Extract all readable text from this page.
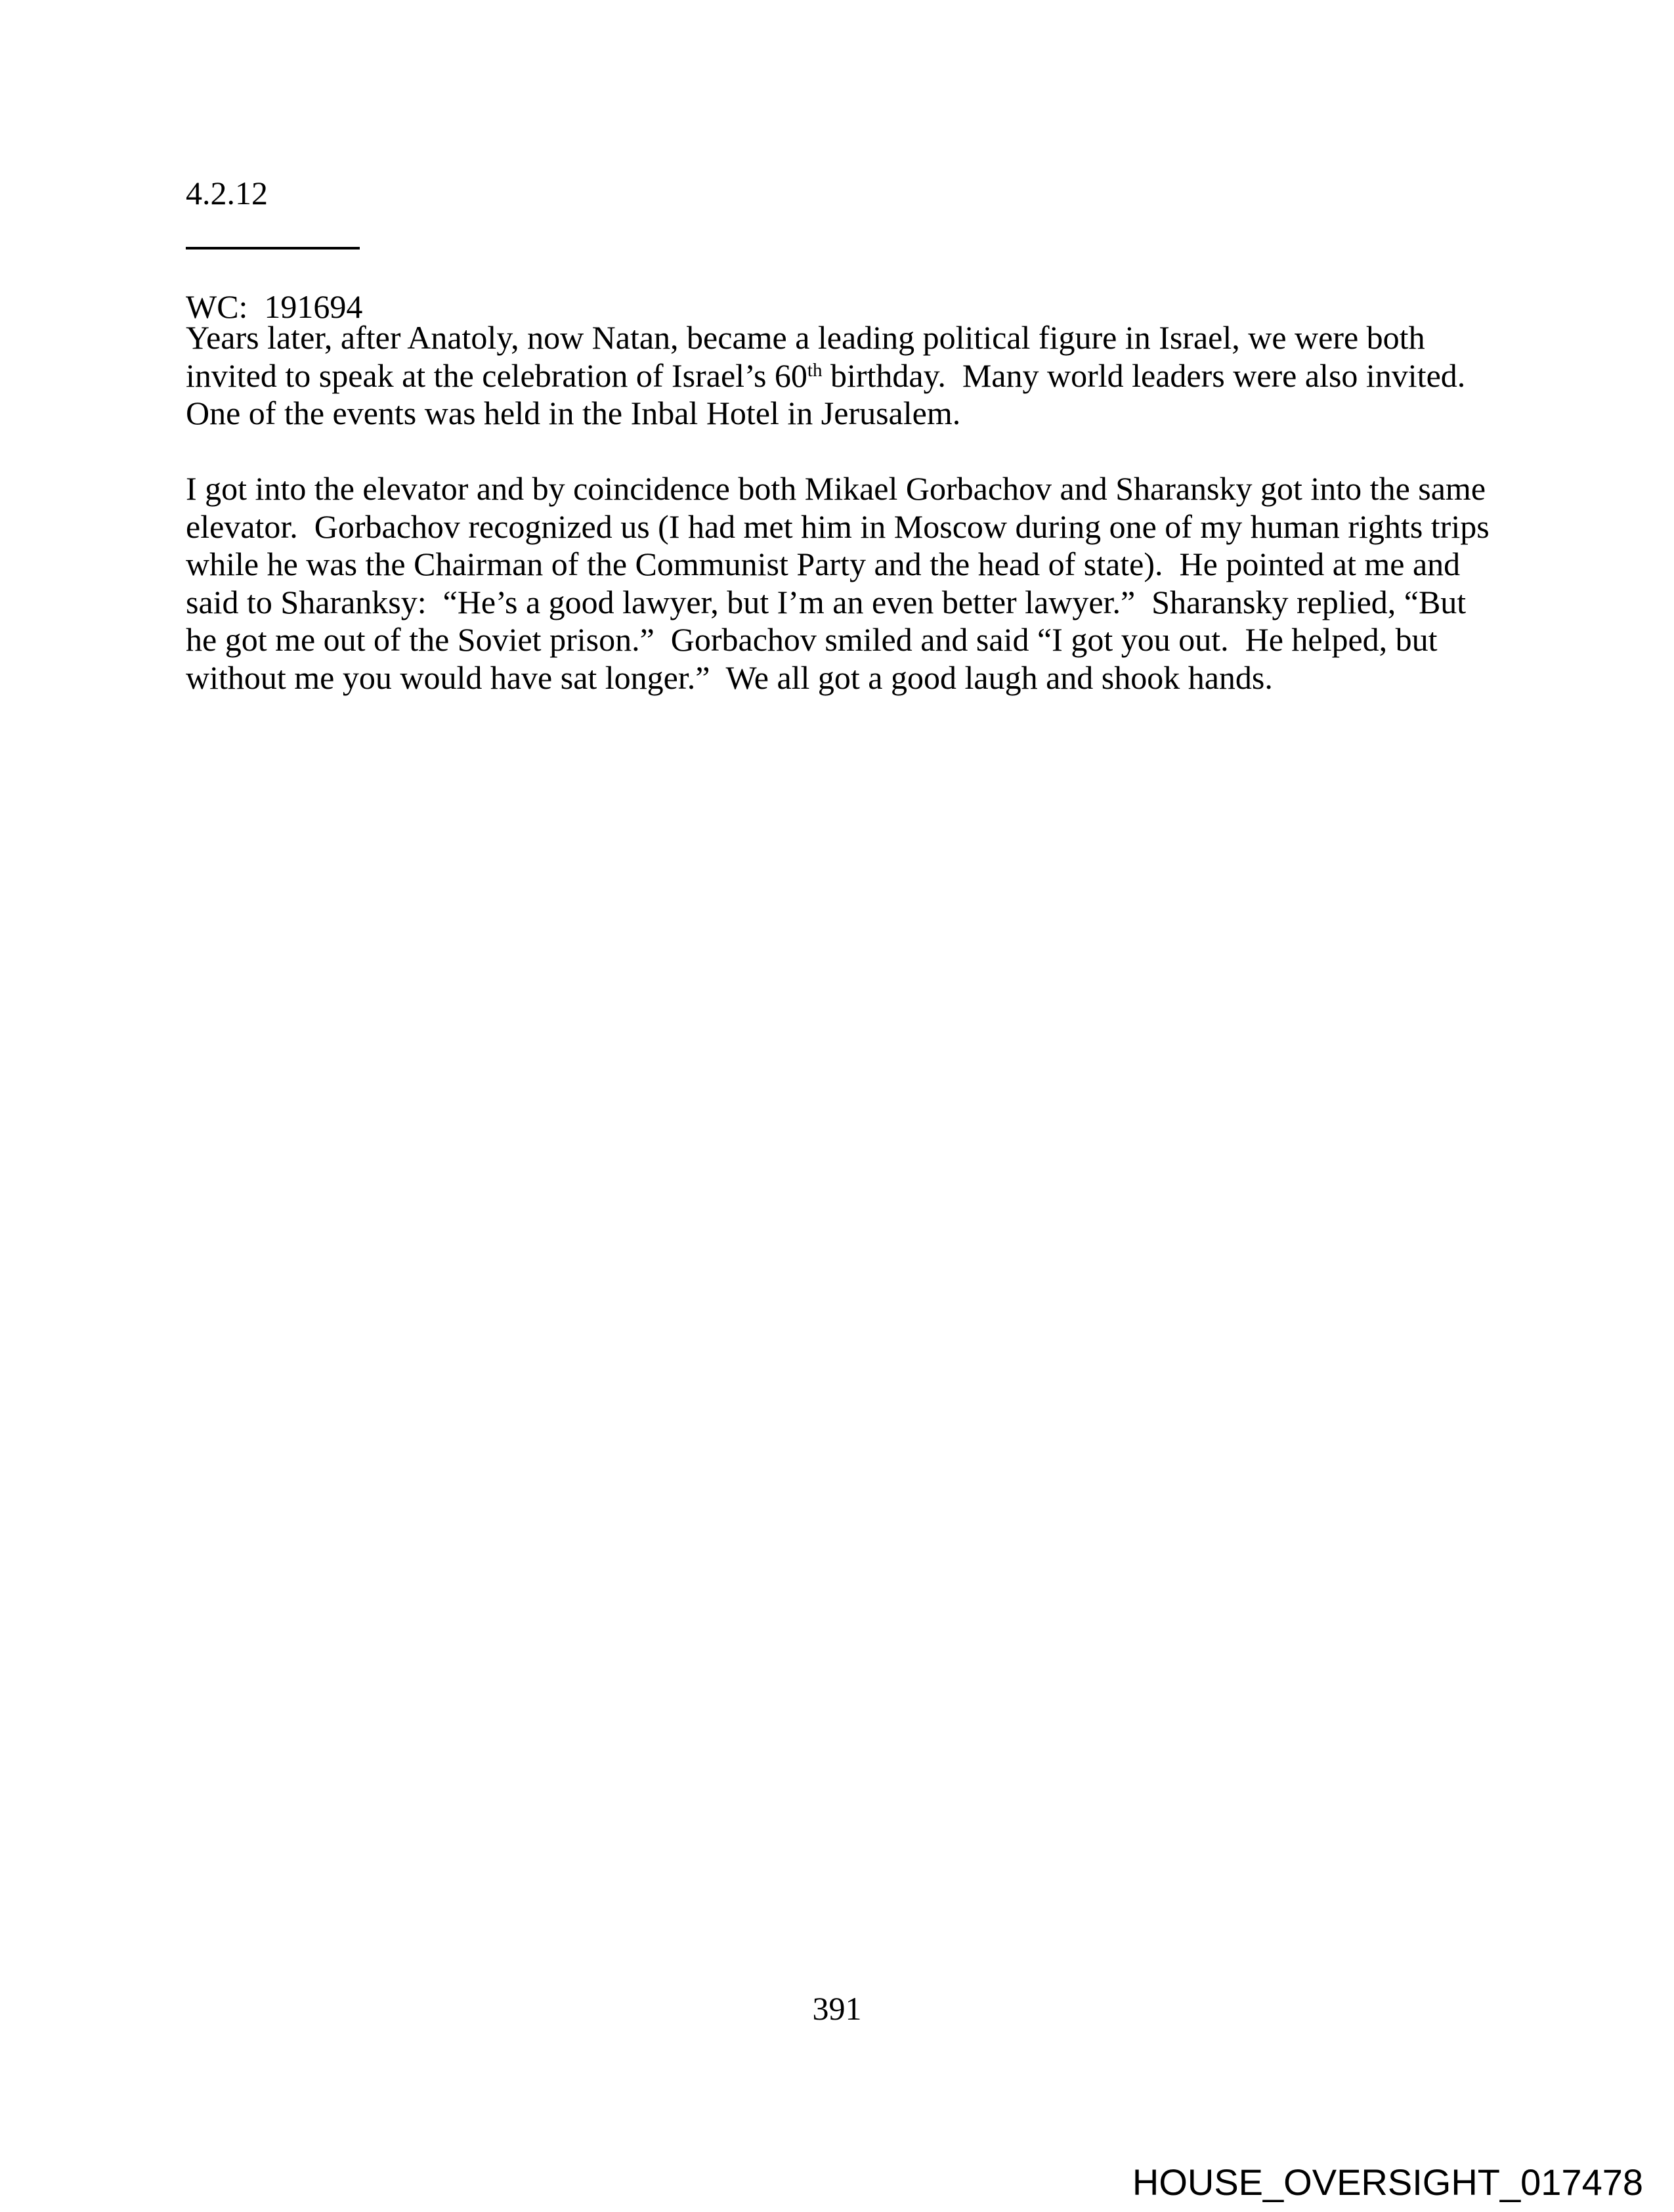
4.2.12

WC:  191694

Years later, after Anatoly, now Natan, became a leading political figure in Israel, we were both invited to speak at the celebration of Israel’s 60th birthday.  Many world leaders were also invited.  One of the events was held in the Inbal Hotel in Jerusalem.

I got into the elevator and by coincidence both Mikael Gorbachov and Sharansky got into the same elevator.  Gorbachov recognized us (I had met him in Moscow during one of my human rights trips while he was the Chairman of the Communist Party and the head of state).  He pointed at me and said to Sharanksy:  “He’s a good lawyer, but I’m an even better lawyer.”  Sharansky replied, “But he got me out of the Soviet prison.”  Gorbachov smiled and said “I got you out.  He helped, but without me you would have sat longer.”  We all got a good laugh and shook hands.

391
HOUSE_OVERSIGHT_017478
